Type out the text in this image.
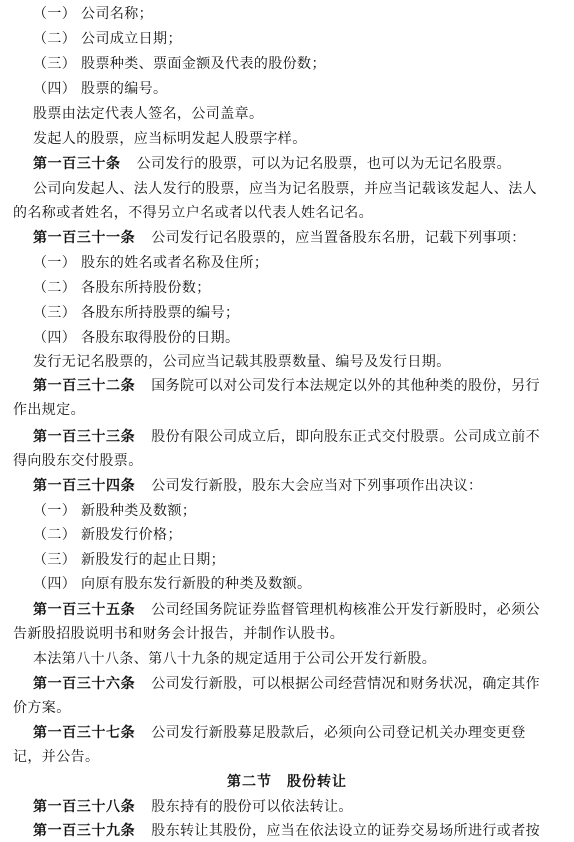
（一） 公司名称；
（二） 公司成立日期；
（三） 股票种类、票面金额及代表的股份数；
（四） 股票的编号。
股票由法定代表人签名，公司盖章。
发起人的股票，应当标明发起人股票字样。
第一百三十条 公司发行的股票，可以为记名股票，也可以为无记名股票。
公司向发起人、法人发行的股票，应当为记名股票，并应当记载该发起人、法人
的名称或者姓名，不得另立户名或者以代表人姓名记名。
第一百三十一条 公司发行记名股票的，应当置备股东名册，记载下列事项：
（一） 股东的姓名或者名称及住所；
（二） 各股东所持股份数；
（三） 各股东所持股票的编号；
（四） 各股东取得股份的日期。
发行无记名股票的，公司应当记载其股票数量、编号及发行日期。
第一百三十二条 国务院可以对公司发行本法规定以外的其他种类的股份，另行
作出规定。
第一百三十三条 股份有限公司成立后，即向股东正式交付股票。公司成立前不
得向股东交付股票。
第一百三十四条 公司发行新股，股东大会应当对下列事项作出决议：
（一） 新股种类及数额；
（二） 新股发行价格；
（三） 新股发行的起止日期；
（四） 向原有股东发行新股的种类及数额。
第一百三十五条 公司经国务院证券监督管理机构核准公开发行新股时，必须公
告新股招股说明书和财务会计报告，并制作认股书。
本法第八十八条、第八十九条的规定适用于公司公开发行新股。
第一百三十六条 公司发行新股，可以根据公司经营情况和财务状况，确定其作
价方案。
第一百三十七条 公司发行新股募足股款后，必须向公司登记机关办理变更登
记，并公告。
第二节　股份转让
第一百三十八条 股东持有的股份可以依法转让。
第一百三十九条 股东转让其股份，应当在依法设立的证券交易场所进行或者按
